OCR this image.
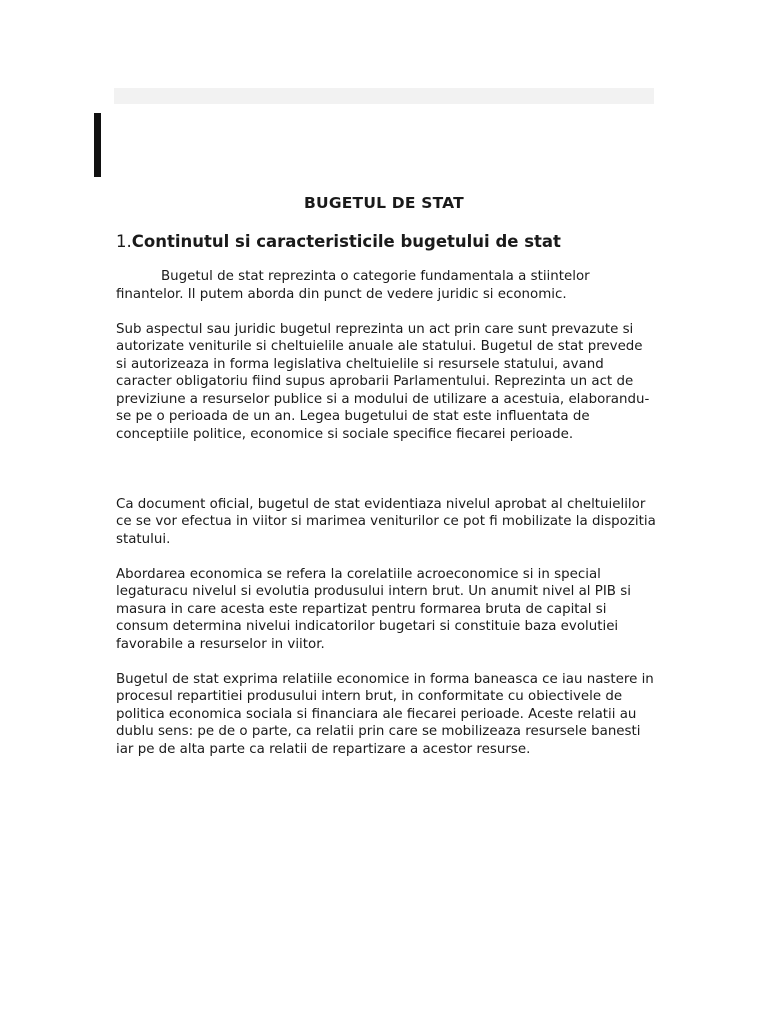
BUGETUL DE STAT
1.Continutul si caracteristicile bugetului de stat

Bugetul de stat reprezinta o categorie fundamentala a stiintelor finantelor. Il putem aborda din punct de vedere juridic si economic.

Sub aspectul sau juridic bugetul reprezinta un act prin care sunt prevazute si autorizate veniturile si cheltuielile anuale ale statului. Bugetul de stat prevede si autorizeaza in forma legislativa cheltuielile si resursele statului, avand caracter obligatoriu fiind supus aprobarii Parlamentului. Reprezinta un act de previziune a resurselor publice si a modului de utilizare a acestuia, elaborandu-se pe o perioada de un an. Legea bugetului de stat este influentata de conceptiile politice, economice si sociale specifice fiecarei perioade.

Ca document oficial, bugetul de stat evidentiaza nivelul aprobat al cheltuielilor ce se vor efectua in viitor si marimea veniturilor ce pot fi mobilizate la dispozitia statului.

Abordarea economica se refera la corelatiile acroeconomice si in special legaturacu nivelul si evolutia produsului intern brut. Un anumit nivel al PIB si masura in care acesta este repartizat pentru formarea bruta de capital si consum determina nivelui indicatorilor bugetari si constituie baza evolutiei favorabile a resurselor in viitor.

Bugetul de stat exprima relatiile economice in forma baneasca ce iau nastere in procesul repartitiei produsului intern brut, in conformitate cu obiectivele de politica economica sociala si financiara ale fiecarei perioade. Aceste relatii au dublu sens: pe de o parte, ca relatii prin care se mobilizeaza resursele banesti iar pe de alta parte ca relatii de repartizare a acestor resurse.
